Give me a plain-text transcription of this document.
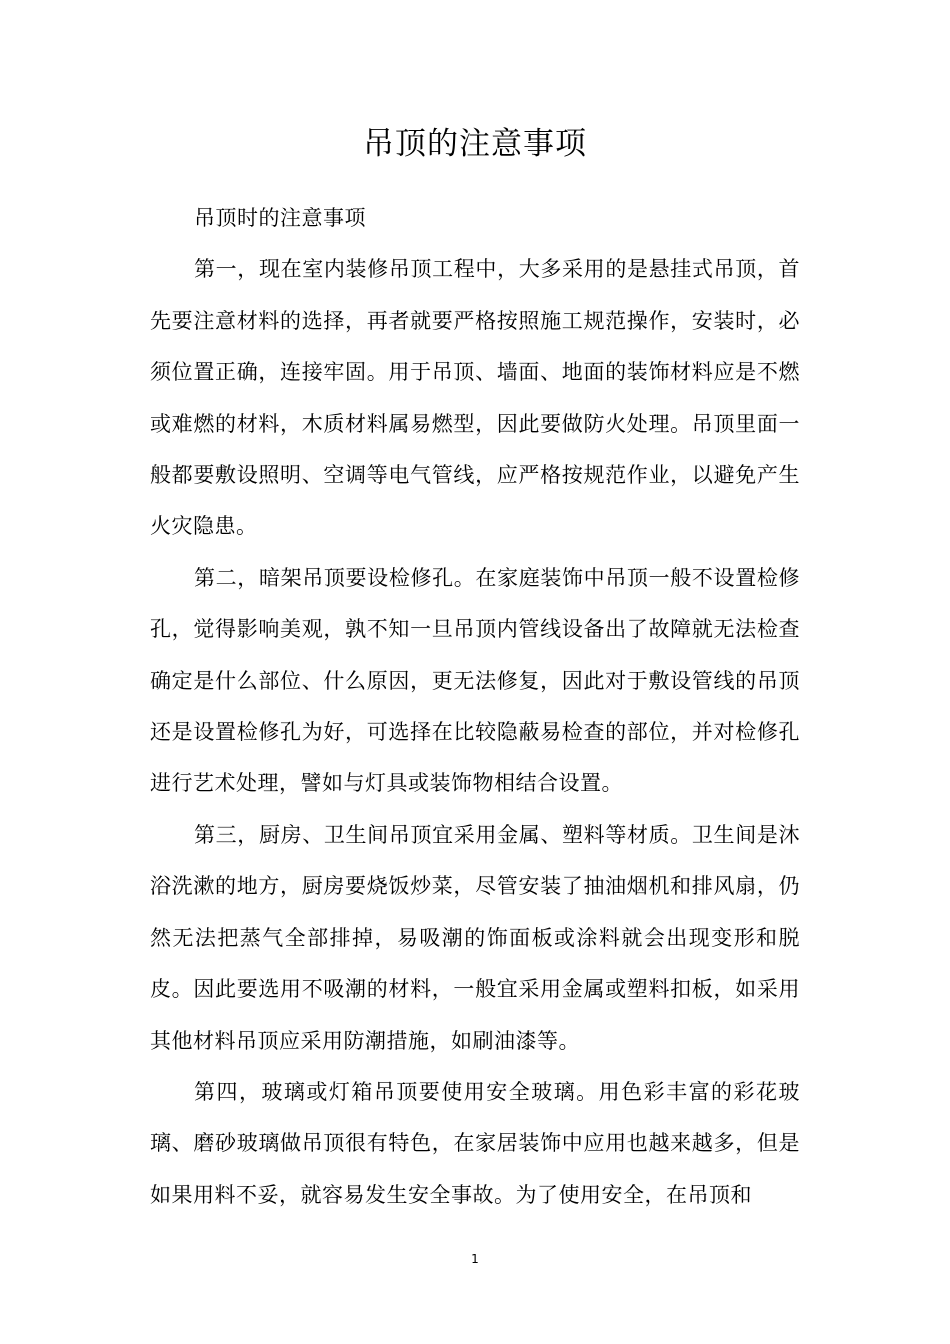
吊顶的注意事项

吊顶时的注意事项

第一，现在室内装修吊顶工程中，大多采用的是悬挂式吊顶，首先要注意材料的选择，再者就要严格按照施工规范操作，安装时，必须位置正确，连接牢固。用于吊顶、墙面、地面的装饰材料应是不燃或难燃的材料，木质材料属易燃型，因此要做防火处理。吊顶里面一般都要敷设照明、空调等电气管线，应严格按规范作业，以避免产生火灾隐患。

第二，暗架吊顶要设检修孔。在家庭装饰中吊顶一般不设置检修孔，觉得影响美观，孰不知一旦吊顶内管线设备出了故障就无法检查确定是什么部位、什么原因，更无法修复，因此对于敷设管线的吊顶还是设置检修孔为好，可选择在比较隐蔽易检查的部位，并对检修孔进行艺术处理，譬如与灯具或装饰物相结合设置。

第三，厨房、卫生间吊顶宜采用金属、塑料等材质。卫生间是沐浴洗漱的地方，厨房要烧饭炒菜，尽管安装了抽油烟机和排风扇，仍然无法把蒸气全部排掉，易吸潮的饰面板或涂料就会出现变形和脱皮。因此要选用不吸潮的材料，一般宜采用金属或塑料扣板，如采用其他材料吊顶应采用防潮措施，如刷油漆等。

第四，玻璃或灯箱吊顶要使用安全玻璃。用色彩丰富的彩花玻璃、磨砂玻璃做吊顶很有特色，在家居装饰中应用也越来越多，但是如果用料不妥，就容易发生安全事故。为了使用安全，在吊顶和

1
